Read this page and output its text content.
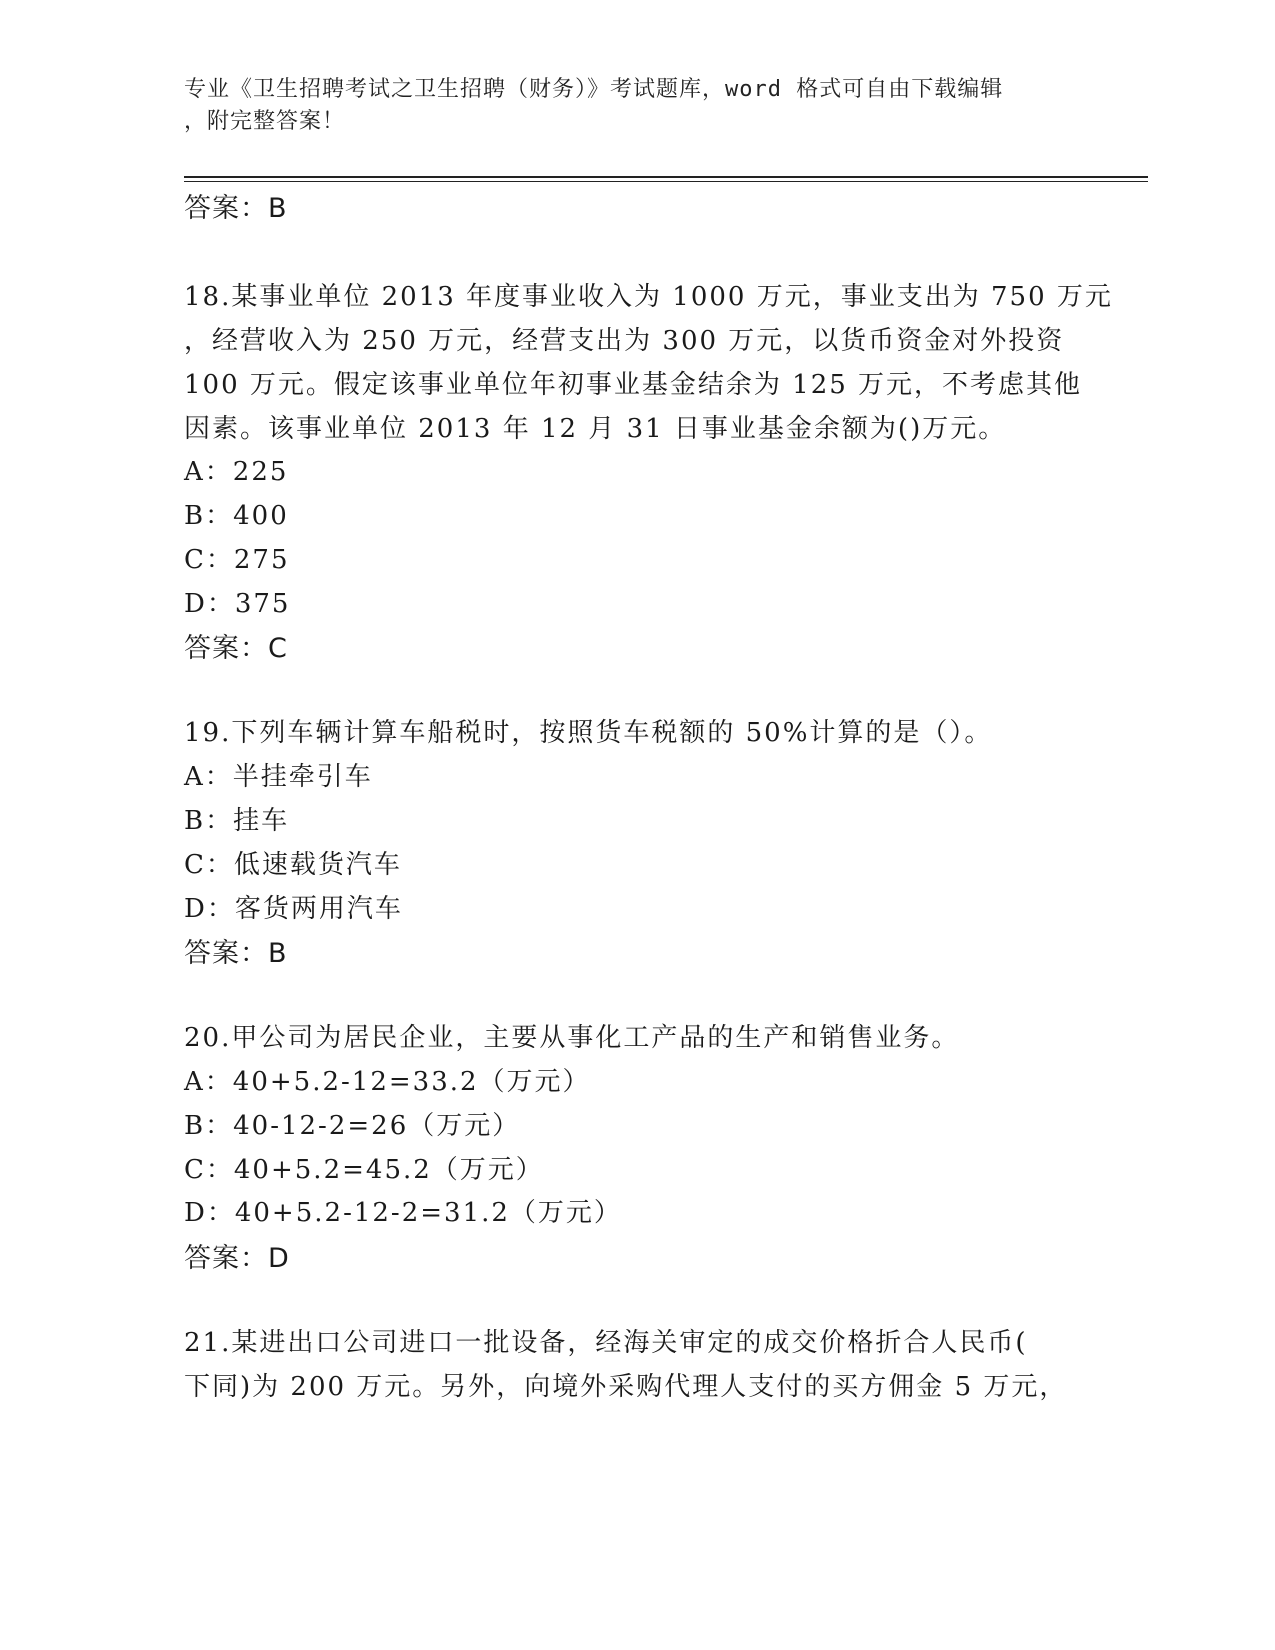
专业《卫生招聘考试之卫生招聘（财务）》考试题库，word 格式可自由下载编辑
，附完整答案！
答案：B
18.某事业单位 2013 年度事业收入为 1000 万元，事业支出为 750 万元
，经营收入为 250 万元，经营支出为 300 万元，以货币资金对外投资
100 万元。假定该事业单位年初事业基金结余为 125 万元，不考虑其他
因素。该事业单位 2013 年 12 月 31 日事业基金余额为()万元。
A：225
B：400
C：275
D：375
答案：C
19.下列车辆计算车船税时，按照货车税额的 50%计算的是（）。
A：半挂牵引车
B：挂车
C：低速载货汽车
D：客货两用汽车
答案：B
20.甲公司为居民企业，主要从事化工产品的生产和销售业务。
A：40+5.2-12=33.2（万元）
B：40-12-2=26（万元）
C：40+5.2=45.2（万元）
D：40+5.2-12-2=31.2（万元）
答案：D
21.某进出口公司进口一批设备，经海关审定的成交价格折合人民币(
下同)为 200 万元。另外，向境外采购代理人支付的买方佣金 5 万元，
